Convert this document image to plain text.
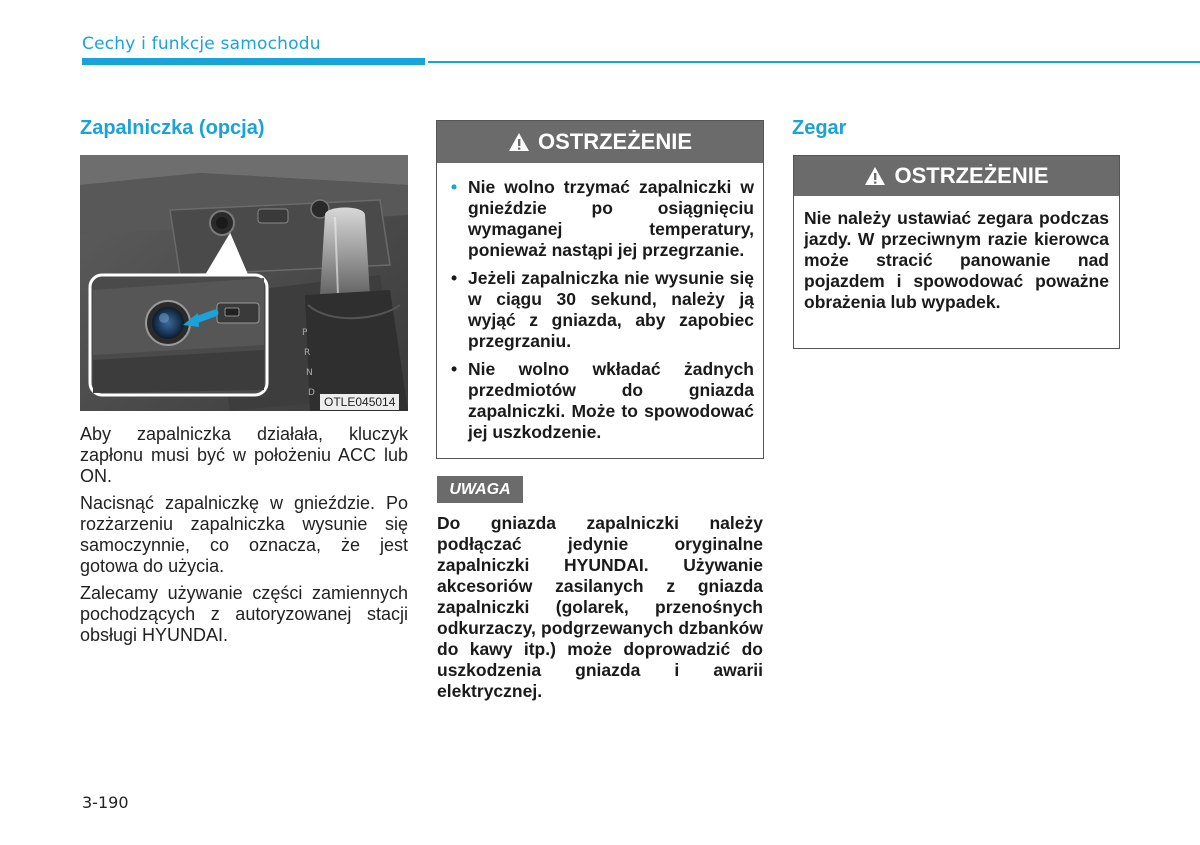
Cechy i funkcje samochodu
Zapalniczka (opcja)
P
R
N
D
OTLE045014
Aby zapalniczka działała, kluczyk zapłonu musi być w położeniu ACC lub ON.
Nacisnąć zapalniczkę w gnieździe. Po rozżarzeniu zapalniczka wysunie się samoczynnie, co oznacza, że jest gotowa do użycia.
Zalecamy używanie części zamiennych pochodzących z autoryzowanej stacji obsługi HYUNDAI.
OSTRZEŻENIE
• Nie wolno trzymać zapalniczki w gnieździe po osiągnięciu wymaganej temperatury, ponieważ nastąpi jej przegrzanie.
• Jeżeli zapalniczka nie wysunie się w ciągu 30 sekund, należy ją wyjąć z gniazda, aby zapobiec przegrzaniu.
• Nie wolno wkładać żadnych przedmiotów do gniazda zapalniczki. Może to spowodować jej uszkodzenie.
UWAGA
Do gniazda zapalniczki należy podłączać jedynie oryginalne zapalniczki HYUNDAI. Używanie akcesoriów zasilanych z gniazda zapalniczki (golarek, przenośnych odkurzaczy, podgrzewanych dzbanków do kawy itp.) może doprowadzić do uszkodzenia gniazda i awarii elektrycznej.
Zegar
OSTRZEŻENIE
Nie należy ustawiać zegara podczas jazdy. W przeciwnym razie kierowca może stracić panowanie nad pojazdem i spowodować poważne obrażenia lub wypadek.
3-190
